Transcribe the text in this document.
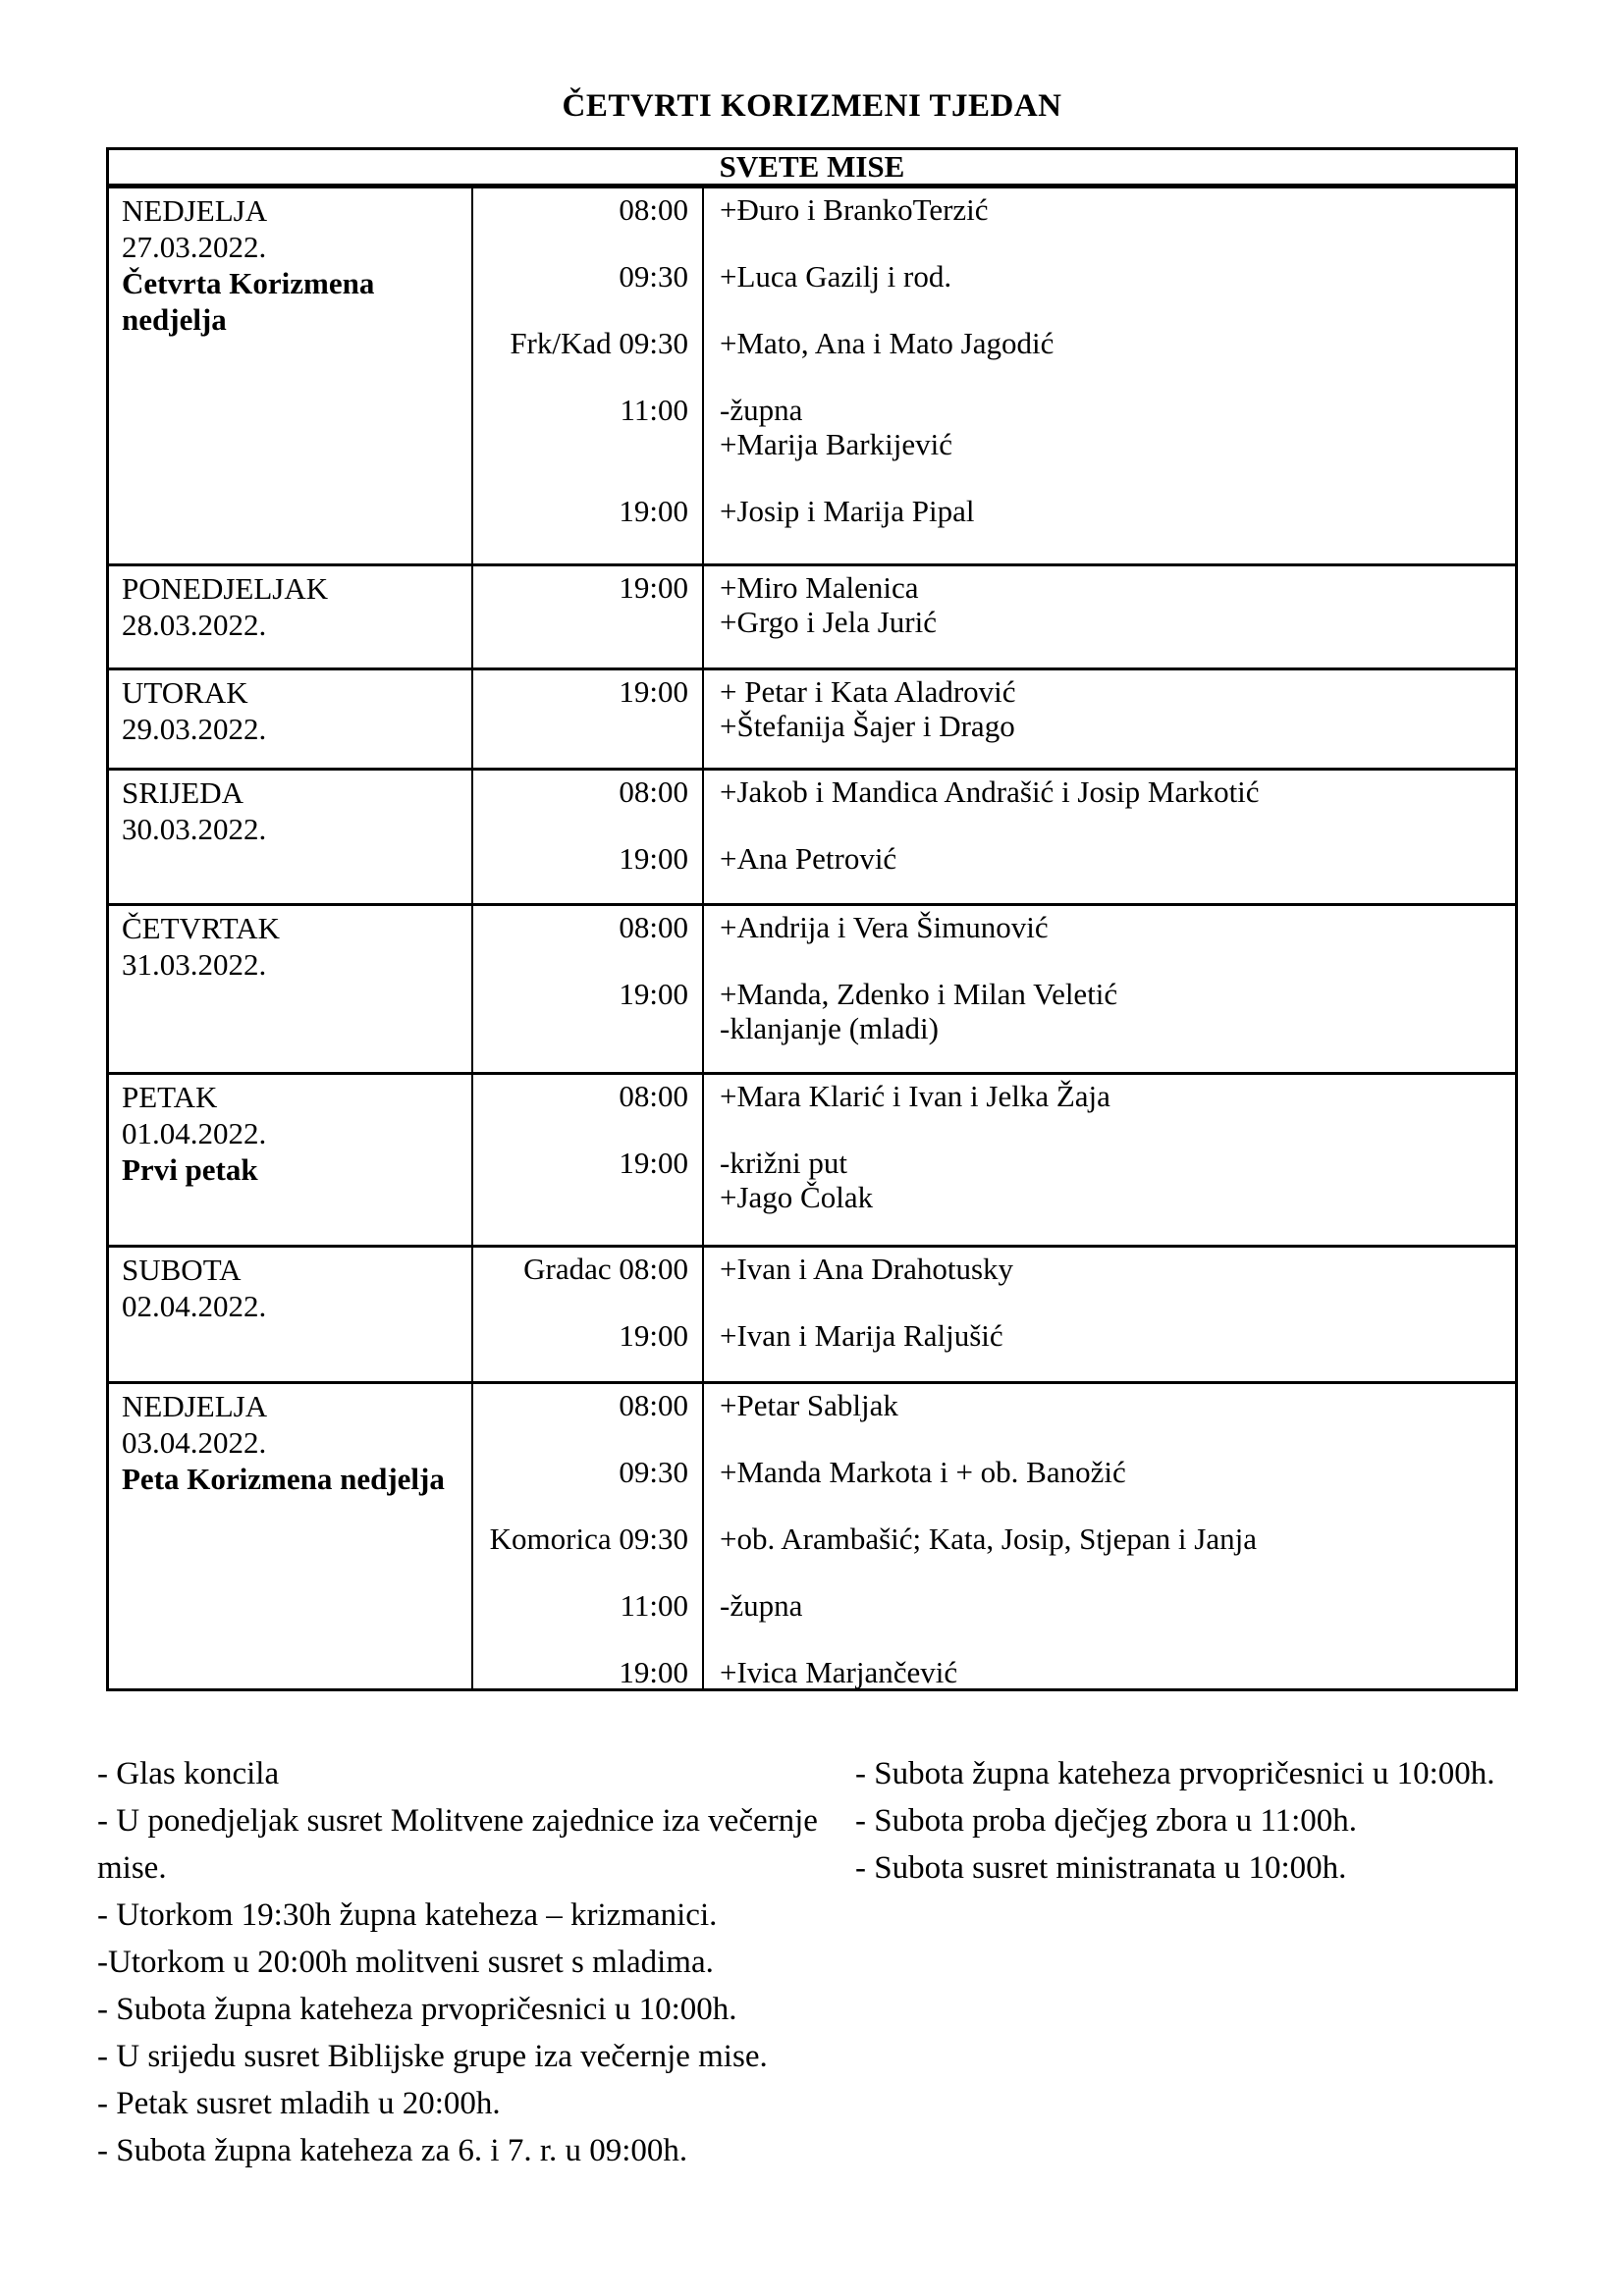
ČETVRTI KORIZMENI TJEDAN
SVETE MISE
NEDJELJA
27.03.2022.
Četvrta Korizmena nedjelja
08:00
09:30
Frk/Kad 09:30
11:00

19:00
+Đuro i BrankoTerzić
+Luca Gazilj i rod.
+Mato, Ana i Mato Jagodić
-župna
+Marija Barkijević
+Josip i Marija Pipal
PONEDJELJAK
28.03.2022.
19:00
+Miro Malenica
+Grgo i Jela Jurić
UTORAK
29.03.2022.
19:00
+ Petar i Kata Aladrović
+Štefanija Šajer i Drago
SRIJEDA
30.03.2022.
08:00
19:00
+Jakob i Mandica Andrašić i Josip Markotić
+Ana Petrović
ČETVRTAK
31.03.2022.
08:00
19:00

+Andrija i Vera Šimunović
+Manda, Zdenko i Milan Veletić
-klanjanje (mladi)
PETAK
01.04.2022.
Prvi petak
08:00
19:00

+Mara Klarić i Ivan i Jelka Žaja
-križni put
+Jago Čolak
SUBOTA
02.04.2022.
Gradac 08:00
19:00
+Ivan i Ana Drahotusky
+Ivan i Marija Raljušić
NEDJELJA
03.04.2022.
Peta Korizmena nedjelja
08:00
09:30
Komorica 09:30
11:00
19:00
+Petar Sabljak
+Manda Markota i + ob. Banožić
+ob. Arambašić; Kata, Josip, Stjepan i Janja
-župna
+Ivica Marjančević
- Glas koncila
- U ponedjeljak susret Molitvene zajednice iza večernje mise.
- Utorkom 19:30h župna kateheza – krizmanici.
-Utorkom u 20:00h molitveni susret s mladima.
- Subota župna kateheza prvopričesnici u 10:00h.
- U srijedu susret Biblijske grupe iza večernje mise.
- Petak susret mladih u 20:00h.
- Subota župna kateheza za 6. i 7. r. u 09:00h.
- Subota župna kateheza prvopričesnici u 10:00h.
- Subota proba dječjeg zbora u 11:00h.
- Subota susret ministranata u 10:00h.
